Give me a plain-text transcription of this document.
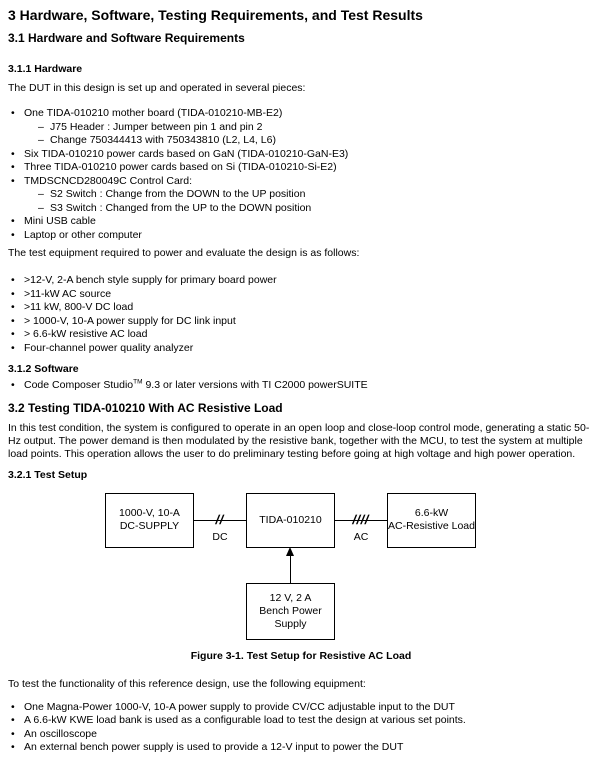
3 Hardware, Software, Testing Requirements, and Test Results
3.1 Hardware and Software Requirements
3.1.1 Hardware

The DUT in this design is set up and operated in several pieces:

• One TIDA-010210 mother board (TIDA-010210-MB-E2)
– J75 Header : Jumper between pin 1 and pin 2
– Change 750344413 with 750343810 (L2, L4, L6)
• Six TIDA-010210 power cards based on GaN (TIDA-010210-GaN-E3)
• Three TIDA-010210 power cards based on Si (TIDA-010210-Si-E2)
• TMDSCNCD280049C Control Card:
– S2 Switch : Change from the DOWN to the UP position
– S3 Switch : Changed from the UP to the DOWN position
• Mini USB cable
• Laptop or other computer

The test equipment required to power and evaluate the design is as follows:

• >12-V, 2-A bench style supply for primary board power
• >11-kW AC source
• >11 kW, 800-V DC load
• > 1000-V, 10-A power supply for DC link input
• > 6.6-kW resistive AC load
• Four-channel power quality analyzer
3.1.2 Software
• Code Composer Studio™ 9.3 or later versions with TI C2000 powerSUITE
3.2 Testing TIDA-010210 With AC Resistive Load

In this test condition, the system is configured to operate in an open loop and close-loop control mode, generating a static 50-Hz output. The power demand is then modulated by the resistive bank, together with the MCU, to test the system at multiple load points. This operation allows the user to do preliminary testing before going at high voltage and high power operation.

3.2.1 Test Setup
1000-V, 10-A
DC-SUPPLY
TIDA-010210
6.6-kW
AC-Resistive Load
12 V, 2 A
Bench Power
Supply
//	////
DC	AC
Figure 3-1. Test Setup for Resistive AC Load

To test the functionality of this reference design, use the following equipment:

• One Magna-Power 1000-V, 10-A power supply to provide CV/CC adjustable input to the DUT
• A 6.6-kW KWE load bank is used as a configurable load to test the design at various set points.
• An oscilloscope
• An external bench power supply is used to provide a 12-V input to power the DUT
